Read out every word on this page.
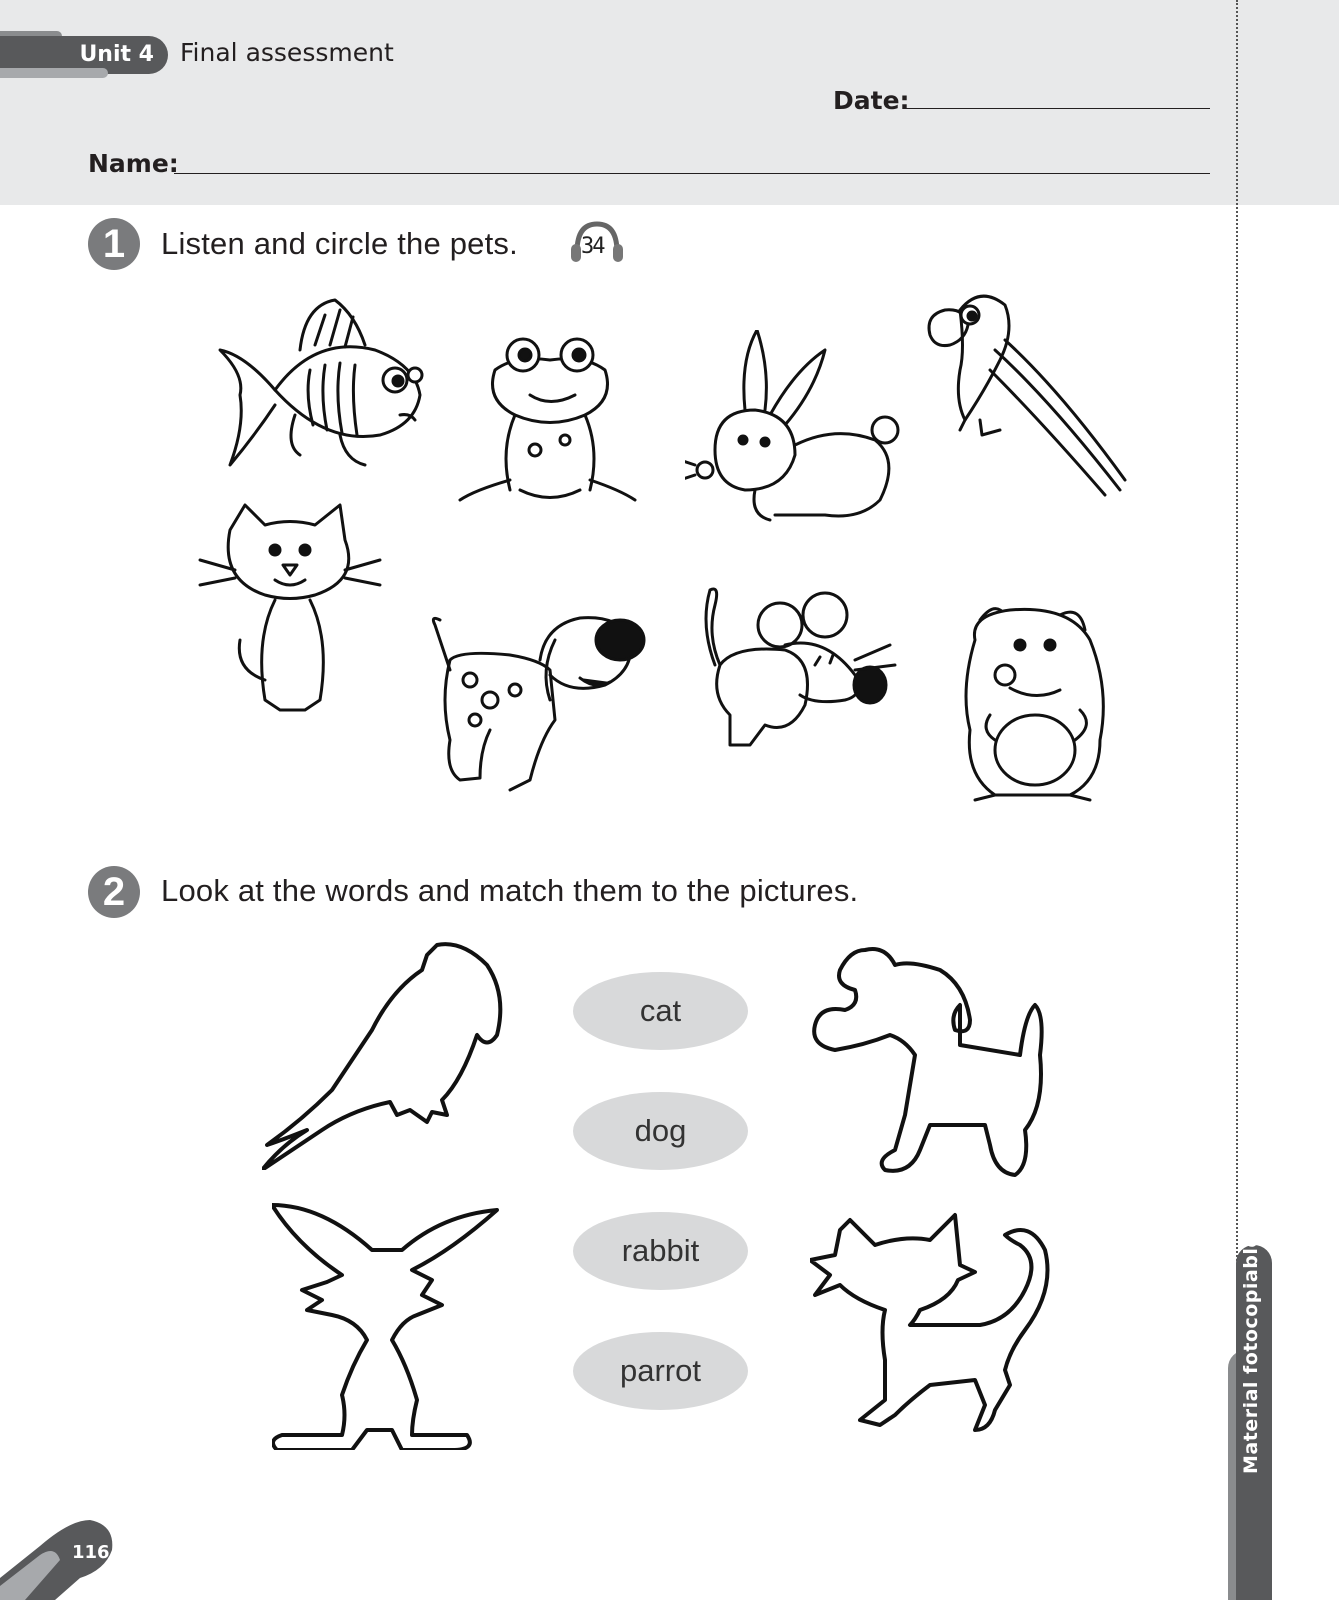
Unit 4 Final assessment
Date:
Name:
1	Listen and circle the pets.	34
2	Look at the words and match them to the pictures.
cat
dog
rabbit
parrot	Material fotocopiable
116
